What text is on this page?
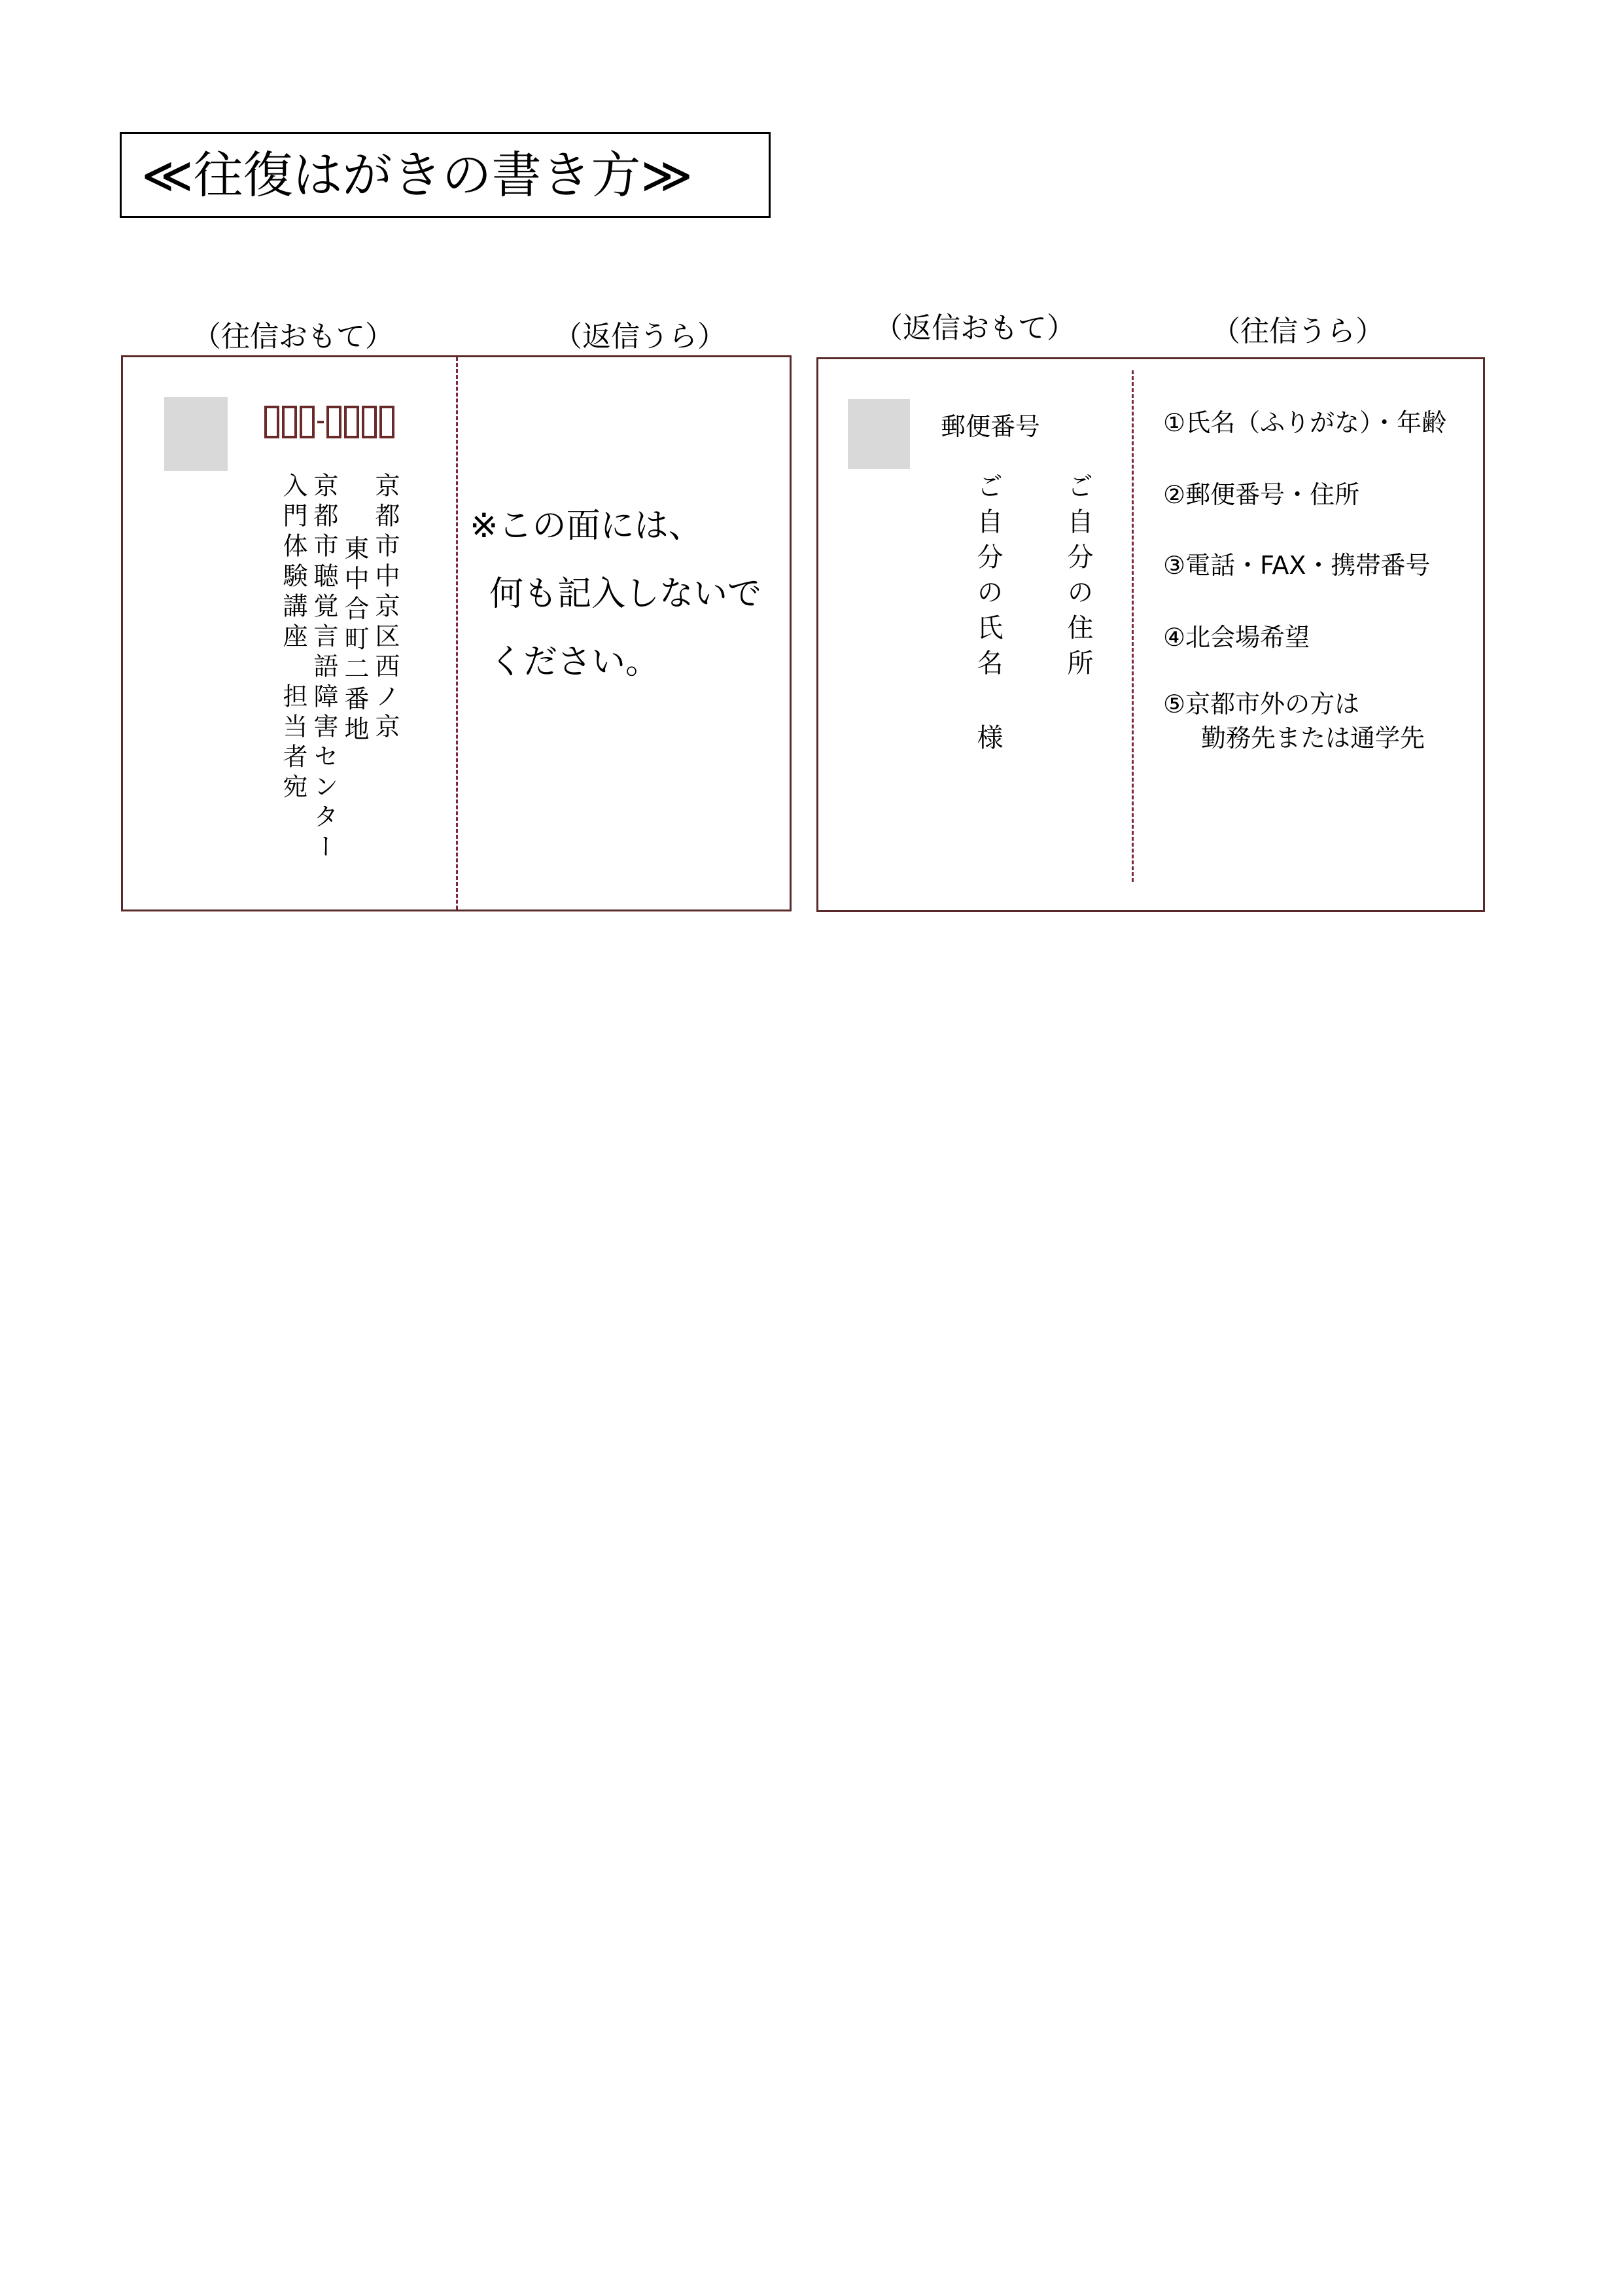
≪往復はがきの書き方≫
（往信おもて）	（返信うら）
京都市中京区西ノ京
東中合町二番地
京都市聴覚言語障害センター
入門体験講座　担当者宛	※この面には、
何も記入しないで
ください。
（返信おもて）	（往信うら）
郵便番号
ご自分の住所
ご自分の氏名
様
①氏名（ふりがな）・年齢
②郵便番号・住所
③電話・FAX・携帯番号
④北会場希望
⑤京都市外の方は
勤務先または通学先
